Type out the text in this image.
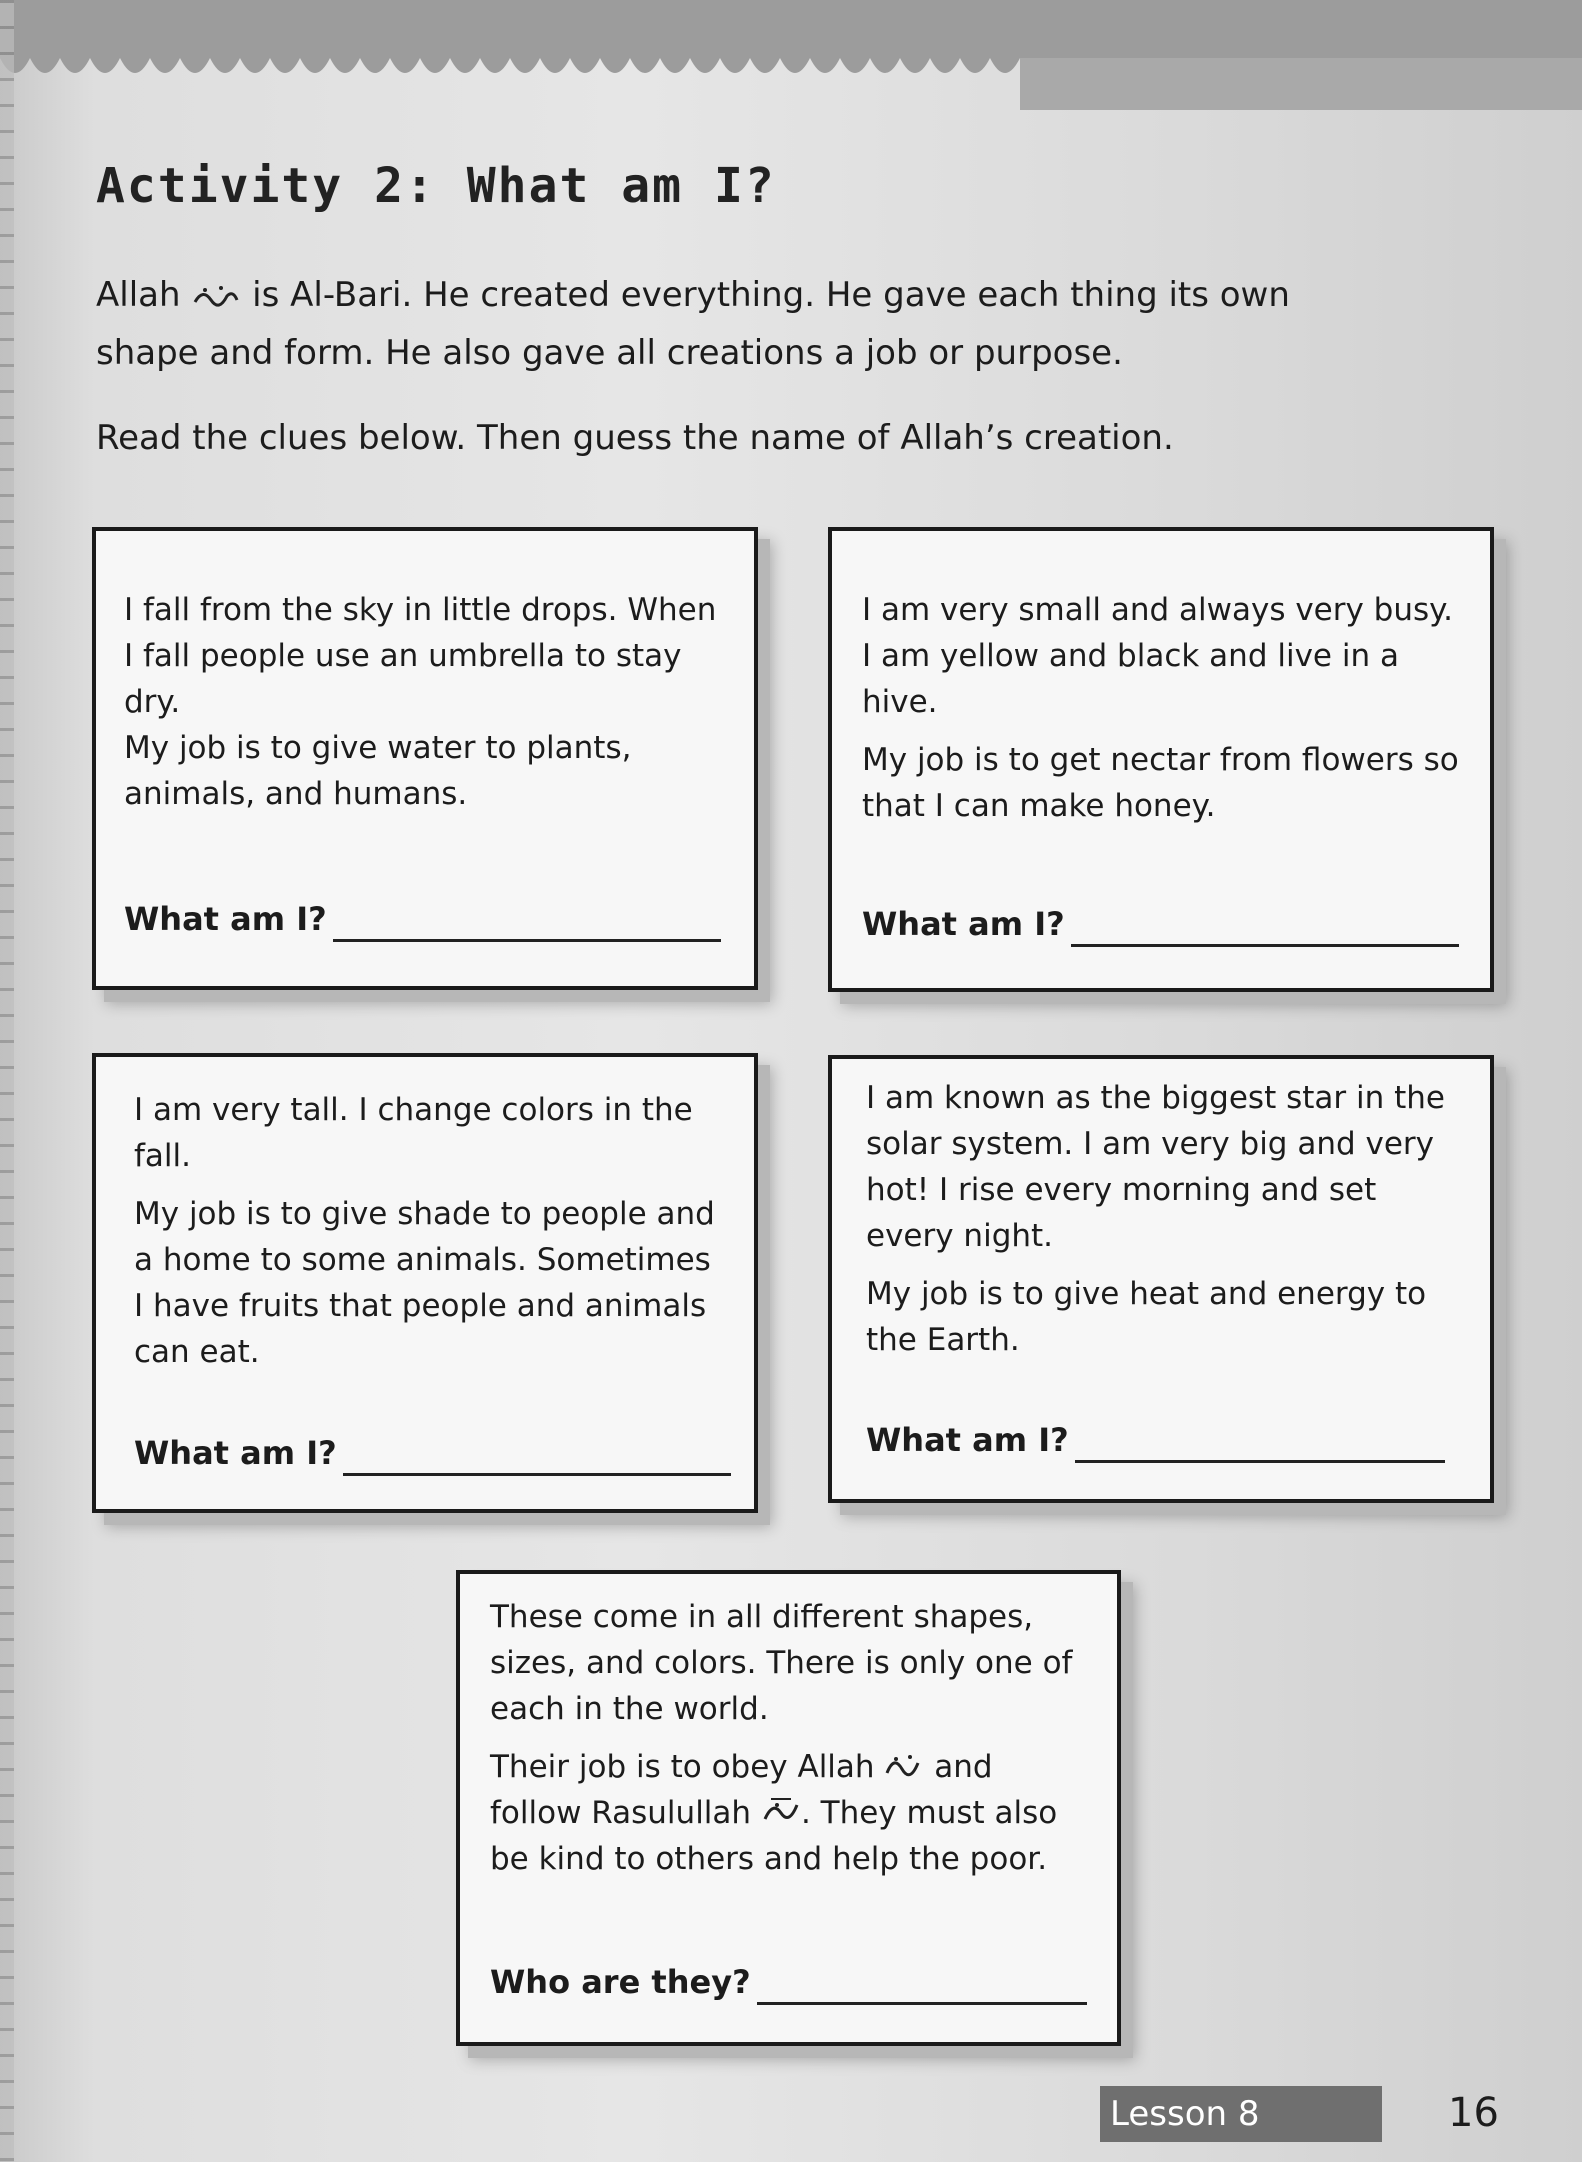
Activity 2: What am I?

Allah  is Al-Bari. He created everything. He gave each thing its own shape and form. He also gave all creations a job or purpose.

Read the clues below. Then guess the name of Allah’s creation.

I fall from the sky in little drops. When I fall people use an umbrella to stay dry.

My job is to give water to plants, animals, and humans.

What am I?

I am very small and always very busy. I am yellow and black and live in a hive.

My job is to get nectar from flowers so that I can make honey.

What am I?

I am very tall. I change colors in the fall.

My job is to give shade to people and a home to some animals. Sometimes I have fruits that people and animals can eat.

What am I?

I am known as the biggest star in the solar system. I am very big and very hot! I rise every morning and set every night.

My job is to give heat and energy to the Earth.

What am I?

These come in all different shapes, sizes, and colors. There is only one of each in the world.

Their job is to obey Allah  and follow Rasulullah . They must also be kind to others and help the poor.

Who are they?
Lesson 8	16
